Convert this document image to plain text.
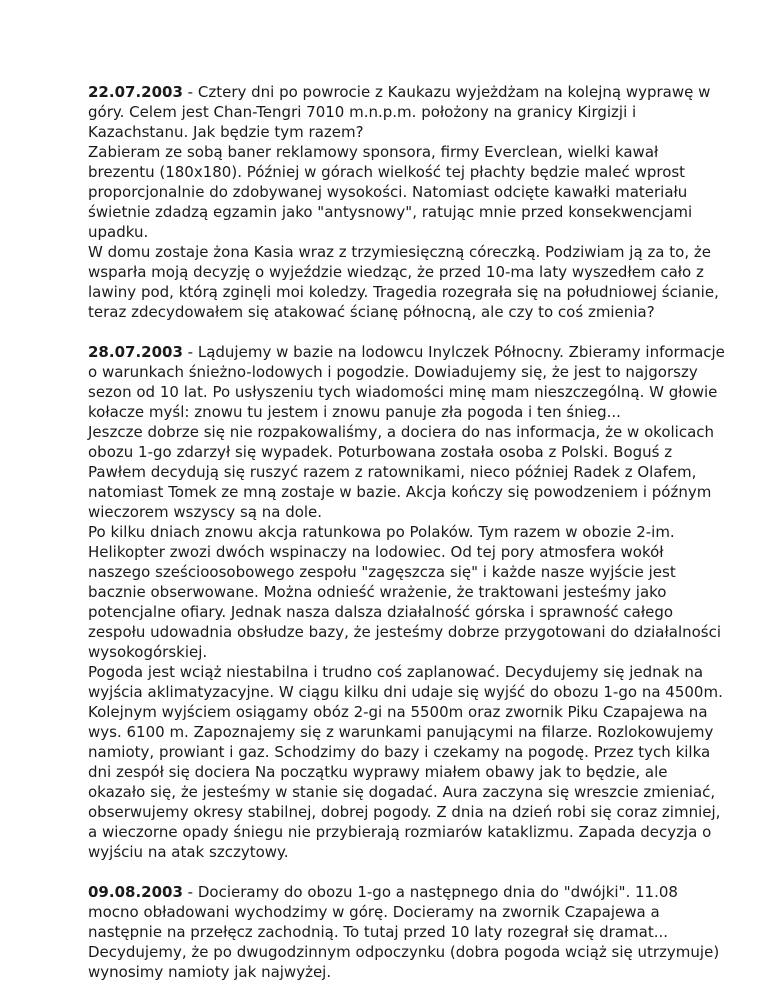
22.07.2003 - Cztery dni po powrocie z Kaukazu wyjeżdżam na kolejną wyprawę w góry. Celem jest Chan-Tengri 7010 m.n.p.m. położony na granicy Kirgizji i Kazachstanu. Jak będzie tym razem?

Zabieram ze sobą baner reklamowy sponsora, firmy Everclean, wielki kawał brezentu (180x180). Później w górach wielkość tej płachty będzie maleć wprost proporcjonalnie do zdobywanej wysokości. Natomiast odcięte kawałki materiału świetnie zdadzą egzamin jako "antysnowy", ratując mnie przed konsekwencjami upadku.

W domu zostaje żona Kasia wraz z trzymiesięczną córeczką. Podziwiam ją za to, że wsparła moją decyzję o wyjeździe wiedząc, że przed 10-ma laty wyszedłem cało z lawiny pod, którą zginęli moi koledzy. Tragedia rozegrała się na południowej ścianie, teraz zdecydowałem się atakować ścianę północną, ale czy to coś zmienia?

28.07.2003 - Lądujemy w bazie na lodowcu Inylczek Północny. Zbieramy informacje o warunkach śnieżno-lodowych i pogodzie. Dowiadujemy się, że jest to najgorszy sezon od 10 lat. Po usłyszeniu tych wiadomości minę mam nieszczególną. W głowie kołacze myśl: znowu tu jestem i znowu panuje zła pogoda i ten śnieg...

Jeszcze dobrze się nie rozpakowaliśmy, a dociera do nas informacja, że w okolicach obozu 1-go zdarzył się wypadek. Poturbowana została osoba z Polski. Boguś z Pawłem decydują się ruszyć razem z ratownikami, nieco później Radek z Olafem, natomiast Tomek ze mną zostaje w bazie. Akcja kończy się powodzeniem i późnym wieczorem wszyscy są na dole.

Po kilku dniach znowu akcja ratunkowa po Polaków. Tym razem w obozie 2-im. Helikopter zwozi dwóch wspinaczy na lodowiec. Od tej pory atmosfera wokół naszego sześcioosobowego zespołu "zagęszcza się" i każde nasze wyjście jest bacznie obserwowane. Można odnieść wrażenie, że traktowani jesteśmy jako potencjalne ofiary. Jednak nasza dalsza działalność górska i sprawność całego zespołu udowadnia obsłudze bazy, że jesteśmy dobrze przygotowani do działalności wysokogórskiej.

Pogoda jest wciąż niestabilna i trudno coś zaplanować. Decydujemy się jednak na wyjścia aklimatyzacyjne. W ciągu kilku dni udaje się wyjść do obozu 1-go na 4500m. Kolejnym wyjściem osiągamy obóz 2-gi na 5500m oraz zwornik Piku Czapajewa na wys. 6100 m. Zapoznajemy się z warunkami panującymi na filarze. Rozlokowujemy namioty, prowiant i gaz. Schodzimy do bazy i czekamy na pogodę. Przez tych kilka dni zespół się dociera Na początku wyprawy miałem obawy jak to będzie, ale okazało się, że jesteśmy w stanie się dogadać. Aura zaczyna się wreszcie zmieniać, obserwujemy okresy stabilnej, dobrej pogody. Z dnia na dzień robi się coraz zimniej, a wieczorne opady śniegu nie przybierają rozmiarów kataklizmu. Zapada decyzja o wyjściu na atak szczytowy.

09.08.2003 - Docieramy do obozu 1-go a następnego dnia do "dwójki". 11.08 mocno obładowani wychodzimy w górę. Docieramy na zwornik Czapajewa a następnie na przełęcz zachodnią. To tutaj przed 10 laty rozegrał się dramat... Decydujemy, że po dwugodzinnym odpoczynku (dobra pogoda wciąż się utrzymuje) wynosimy namioty jak najwyżej.
